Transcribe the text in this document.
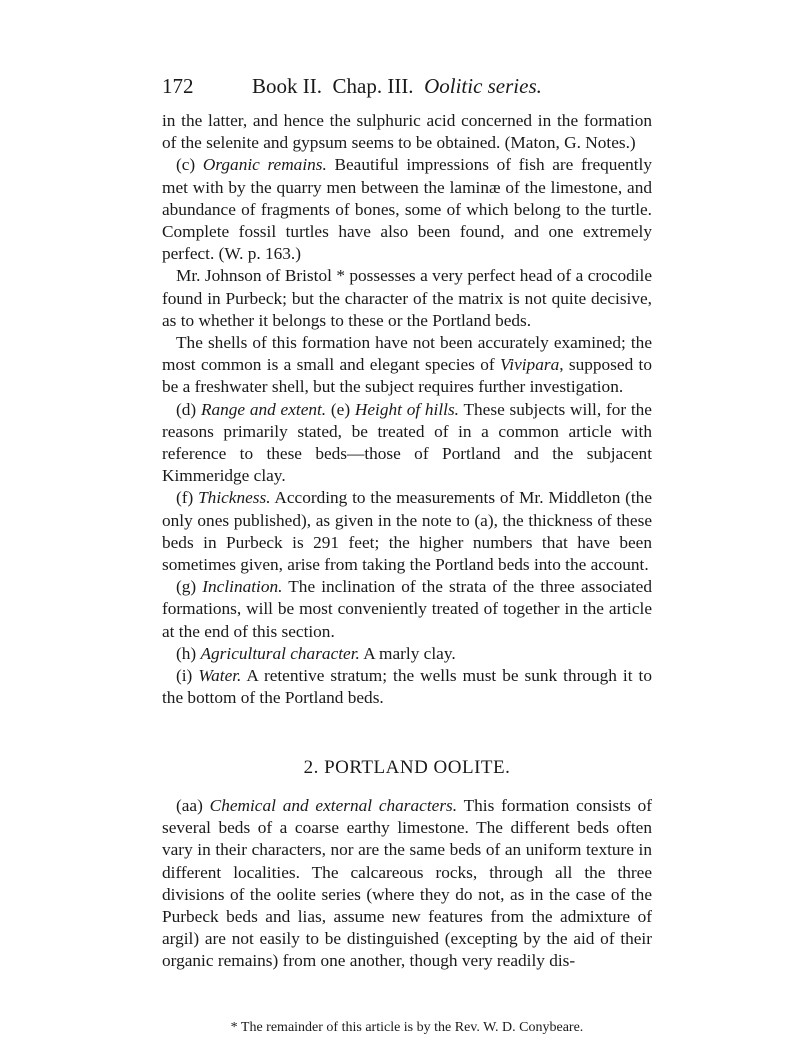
172	Book II. Chap. III. Oolitic series.

in the latter, and hence the sulphuric acid concerned in the formation of the selenite and gypsum seems to be obtained. (Maton, G. Notes.)

(c) Organic remains. Beautiful impressions of fish are frequently met with by the quarry men between the laminæ of the limestone, and abundance of fragments of bones, some of which belong to the turtle. Complete fossil turtles have also been found, and one extremely perfect. (W. p. 163.)

Mr. Johnson of Bristol * possesses a very perfect head of a crocodile found in Purbeck; but the character of the matrix is not quite decisive, as to whether it belongs to these or the Portland beds.

The shells of this formation have not been accurately examined; the most common is a small and elegant species of Vivipara, supposed to be a freshwater shell, but the subject requires further investigation.

(d) Range and extent. (e) Height of hills. These subjects will, for the reasons primarily stated, be treated of in a common article with reference to these beds—those of Portland and the subjacent Kimmeridge clay.

(f) Thickness. According to the measurements of Mr. Middleton (the only ones published), as given in the note to (a), the thickness of these beds in Purbeck is 291 feet; the higher numbers that have been sometimes given, arise from taking the Portland beds into the account.

(g) Inclination. The inclination of the strata of the three associated formations, will be most conveniently treated of together in the article at the end of this section.

(h) Agricultural character. A marly clay.

(i) Water. A retentive stratum; the wells must be sunk through it to the bottom of the Portland beds.

2. PORTLAND OOLITE.

(aa) Chemical and external characters. This formation consists of several beds of a coarse earthy limestone. The different beds often vary in their characters, nor are the same beds of an uniform texture in different localities. The calcareous rocks, through all the three divisions of the oolite series (where they do not, as in the case of the Purbeck beds and lias, assume new features from the admixture of argil) are not easily to be distinguished (excepting by the aid of their organic remains) from one another, though very readily dis-

* The remainder of this article is by the Rev. W. D. Conybeare.
